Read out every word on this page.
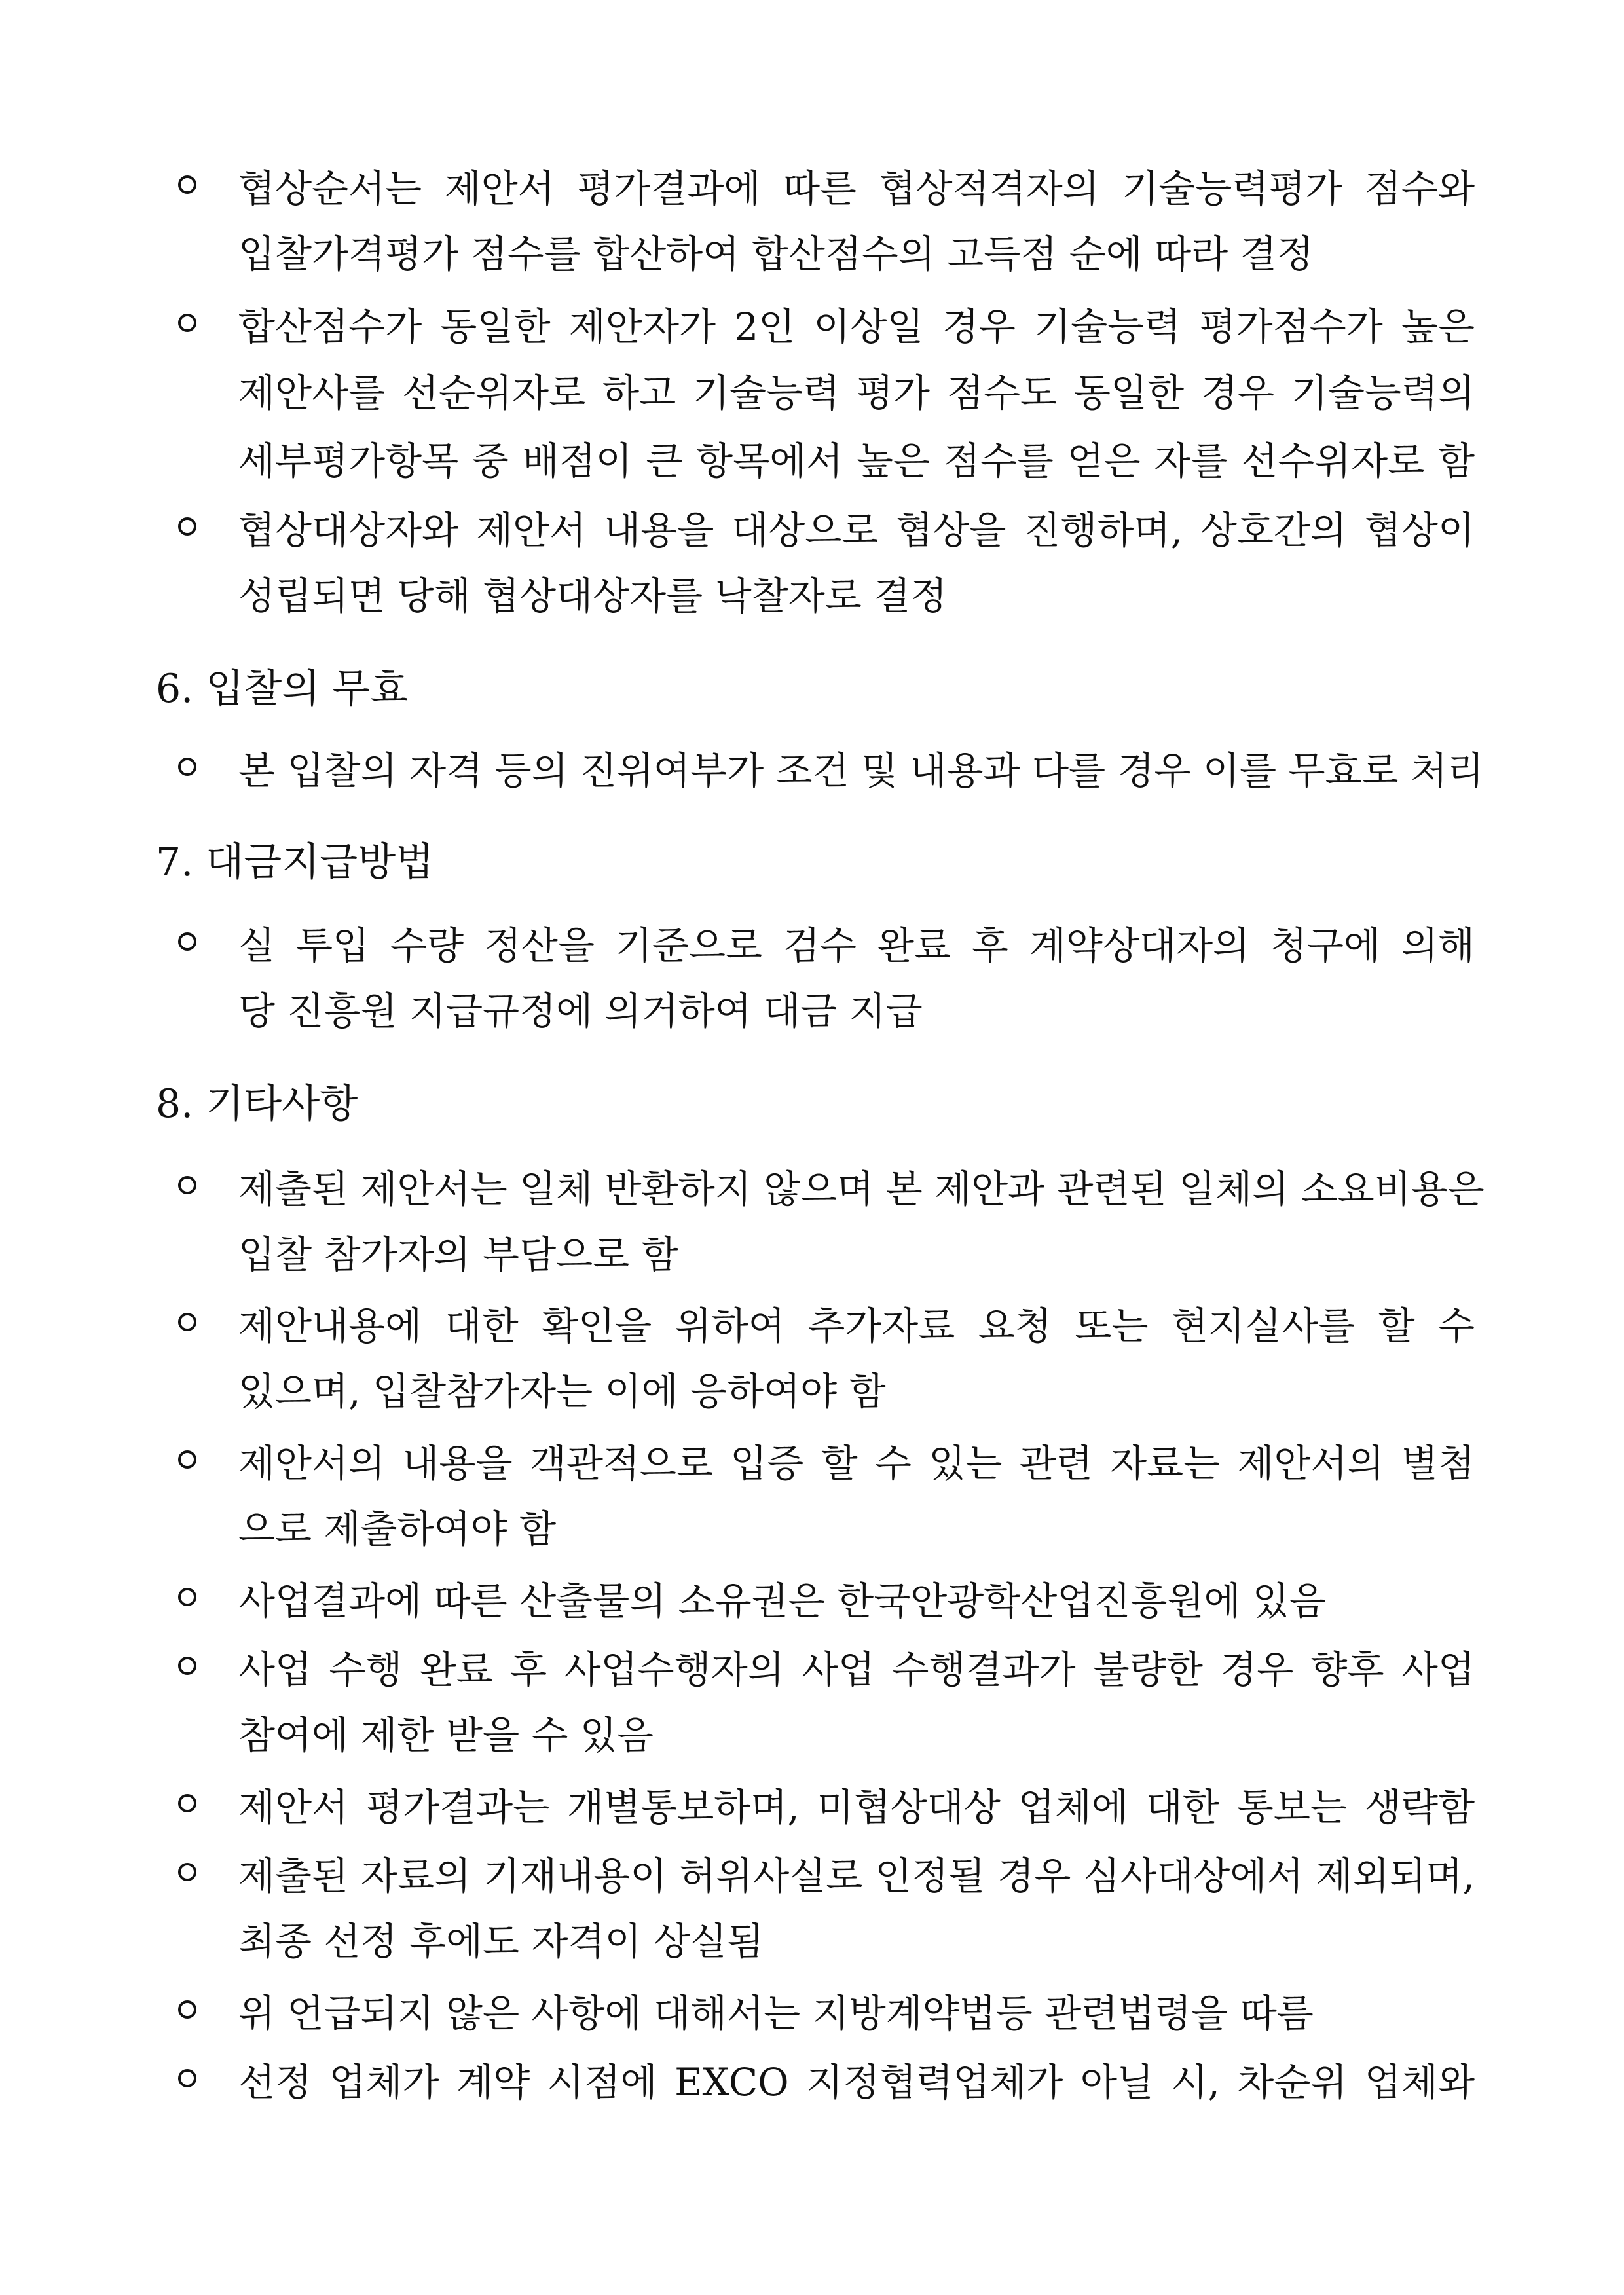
협상순서는 제안서 평가결과에 따른 협상적격자의 기술능력평가 점수와
입찰가격평가 점수를 합산하여 합산점수의 고득점 순에 따라 결정
합산점수가 동일한 제안자가 2인 이상일 경우 기술능력 평가점수가 높은
제안사를 선순위자로 하고 기술능력 평가 점수도 동일한 경우 기술능력의
세부평가항목 중 배점이 큰 항목에서 높은 점수를 얻은 자를 선수위자로 함
협상대상자와 제안서 내용을 대상으로 협상을 진행하며, 상호간의 협상이
성립되면 당해 협상대상자를 낙찰자로 결정
6. 입찰의 무효
본 입찰의 자격 등의 진위여부가 조건 및 내용과 다를 경우 이를 무효로 처리
7. 대금지급방법
실 투입 수량 정산을 기준으로 검수 완료 후 계약상대자의 청구에 의해
당 진흥원 지급규정에 의거하여 대금 지급
8. 기타사항
제출된 제안서는 일체 반환하지 않으며 본 제안과 관련된 일체의 소요비용은
입찰 참가자의 부담으로 함
제안내용에 대한 확인을 위하여 추가자료 요청 또는 현지실사를 할 수
있으며, 입찰참가자는 이에 응하여야 함
제안서의 내용을 객관적으로 입증 할 수 있는 관련 자료는 제안서의 별첨
으로 제출하여야 함
사업결과에 따른 산출물의 소유권은 한국안광학산업진흥원에 있음
사업 수행 완료 후 사업수행자의 사업 수행결과가 불량한 경우 향후 사업
참여에 제한 받을 수 있음
제안서 평가결과는 개별통보하며, 미협상대상 업체에 대한 통보는 생략함
제출된 자료의 기재내용이 허위사실로 인정될 경우 심사대상에서 제외되며,
최종 선정 후에도 자격이 상실됨
위 언급되지 않은 사항에 대해서는 지방계약법등 관련법령을 따름
선정 업체가 계약 시점에 EXCO 지정협력업체가 아닐 시, 차순위 업체와
